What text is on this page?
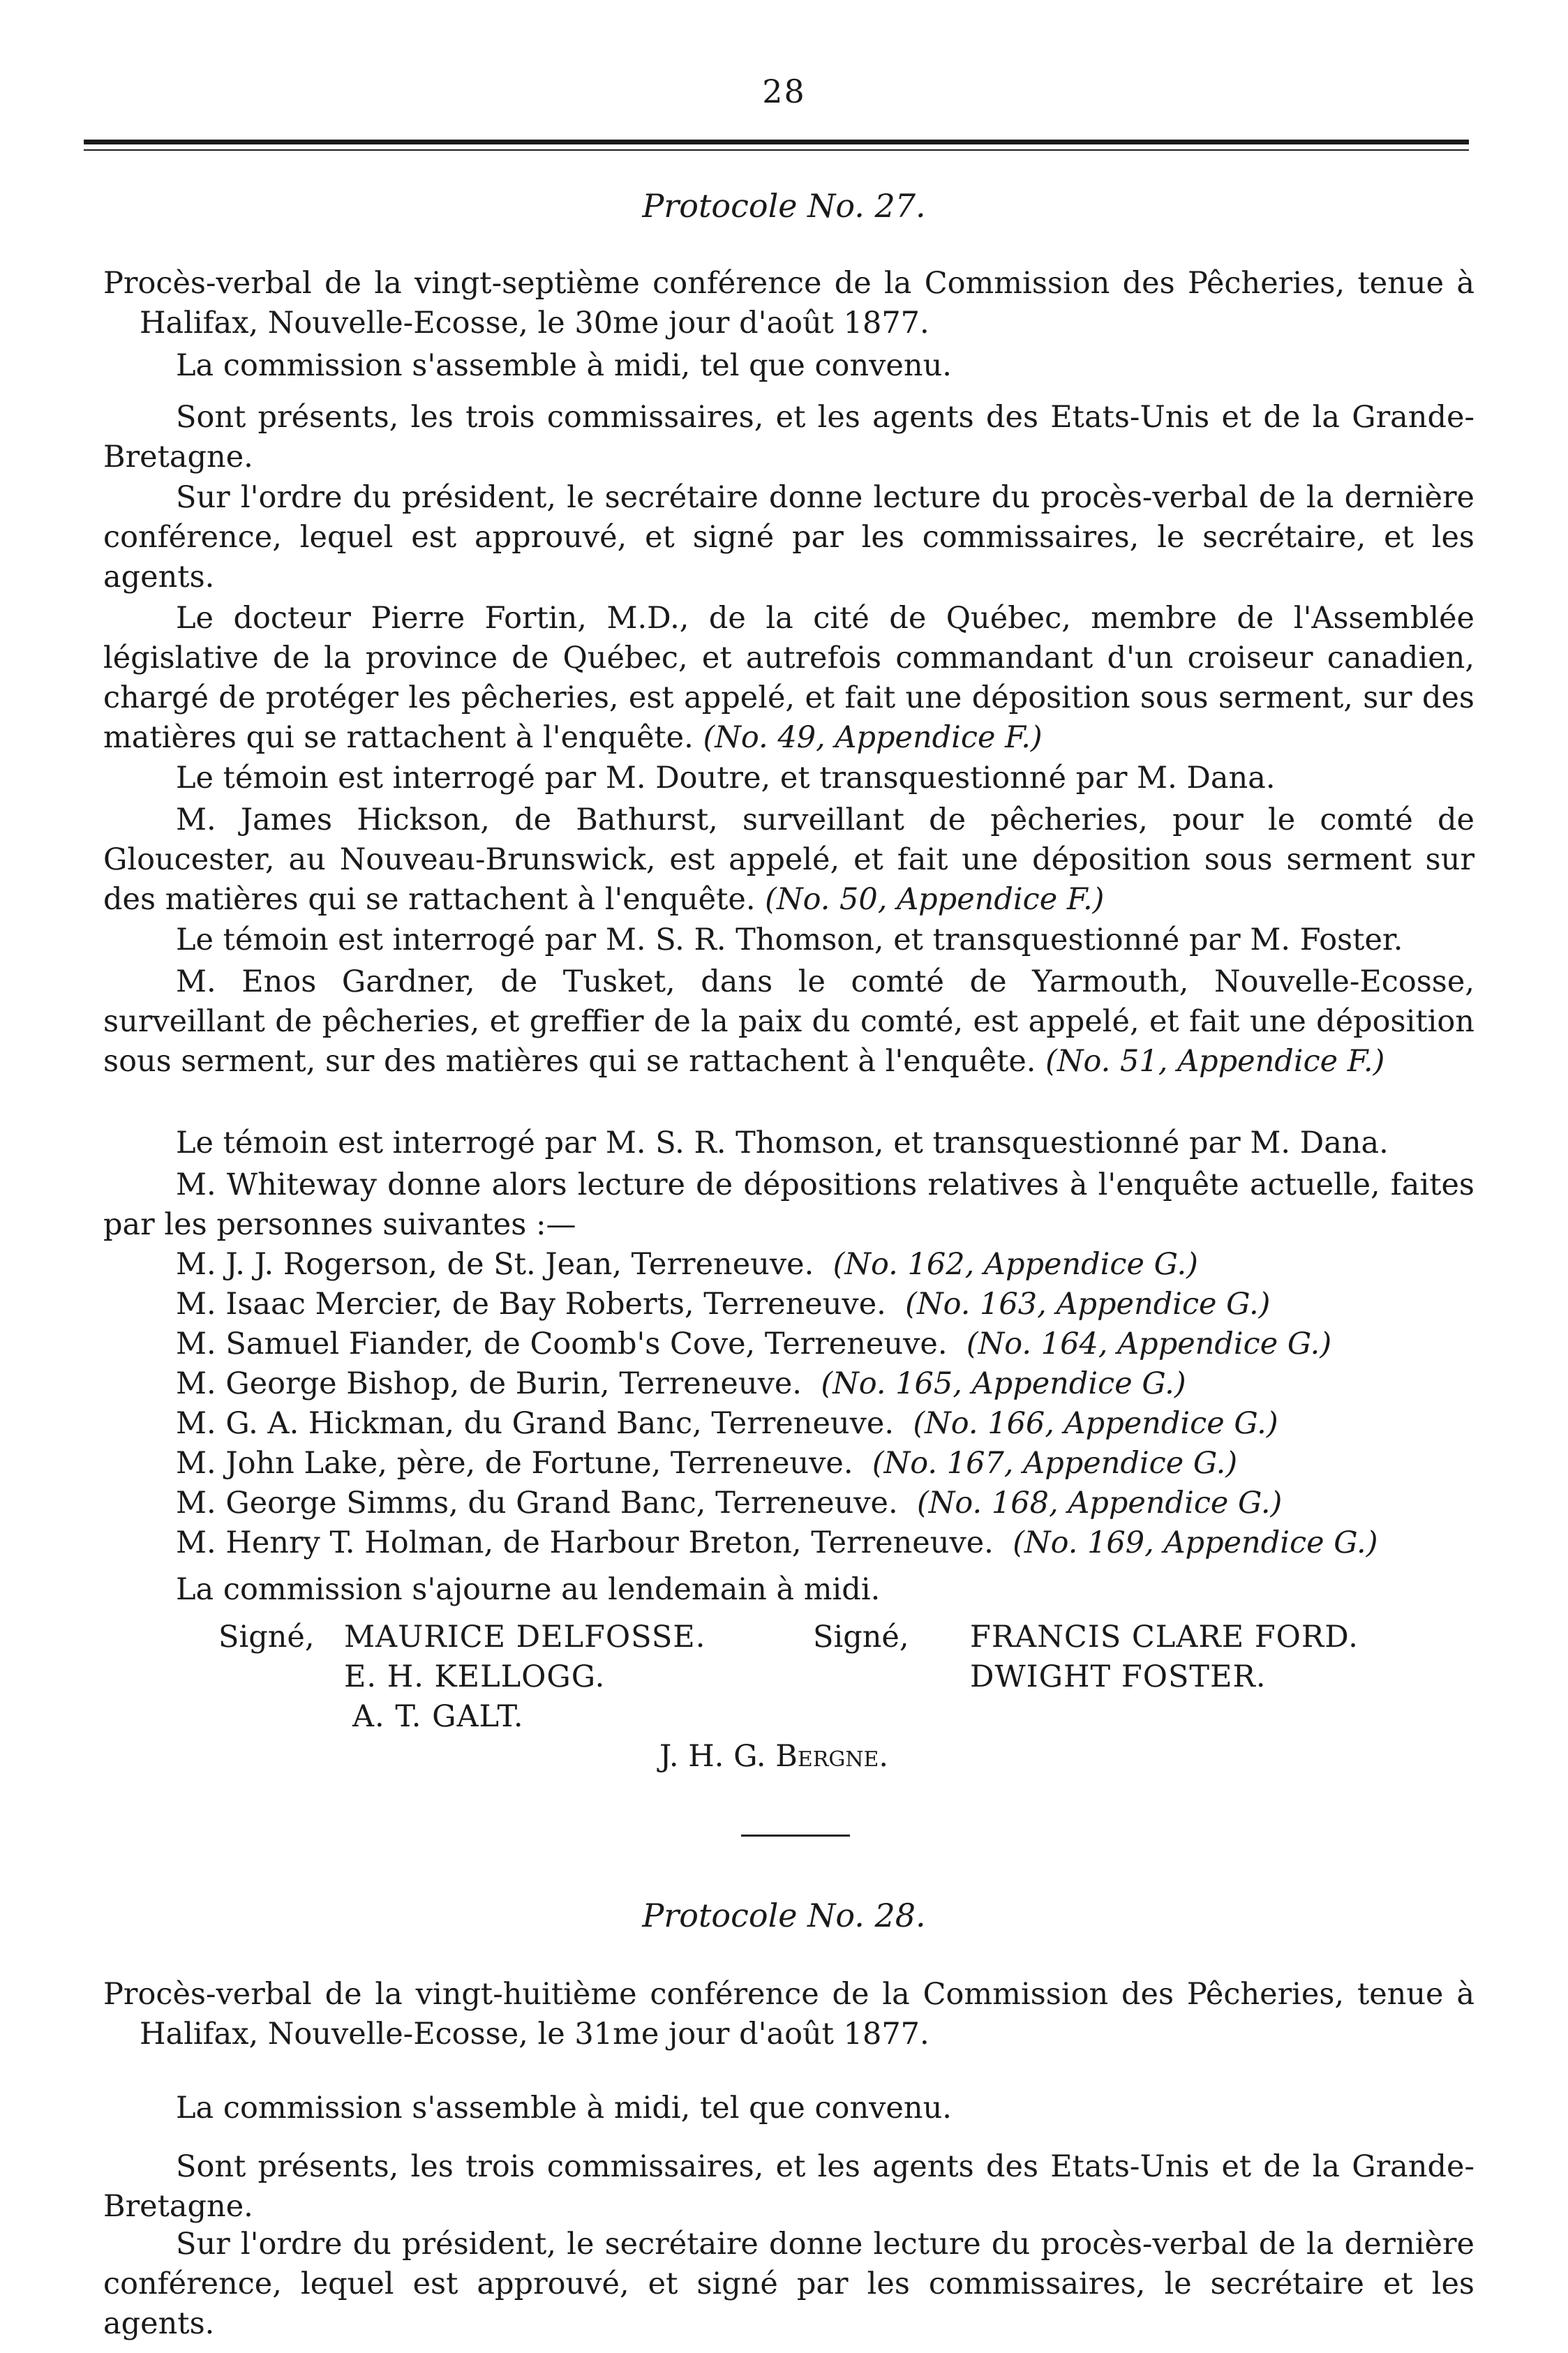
28
Protocole No. 27.
Procès-verbal de la vingt-septième conférence de la Commission des Pêcheries, tenue à Halifax, Nouvelle-Ecosse, le 30me jour d'août 1877.
La commission s'assemble à midi, tel que convenu.
Sont présents, les trois commissaires, et les agents des Etats-Unis et de la Grande-Bretagne.
Sur l'ordre du président, le secrétaire donne lecture du procès-verbal de la dernière conférence, lequel est approuvé, et signé par les commissaires, le secrétaire, et les agents.
Le docteur Pierre Fortin, M.D., de la cité de Québec, membre de l'Assemblée législative de la province de Québec, et autrefois commandant d'un croiseur canadien, chargé de protéger les pêcheries, est appelé, et fait une déposition sous serment, sur des matières qui se rattachent à l'enquête. (No. 49, Appendice F.)
Le témoin est interrogé par M. Doutre, et transquestionné par M. Dana.
M. James Hickson, de Bathurst, surveillant de pêcheries, pour le comté de Gloucester, au Nouveau-Brunswick, est appelé, et fait une déposition sous serment sur des matières qui se rattachent à l'enquête. (No. 50, Appendice F.)
Le témoin est interrogé par M. S. R. Thomson, et transquestionné par M. Foster.
M. Enos Gardner, de Tusket, dans le comté de Yarmouth, Nouvelle-Ecosse, surveillant de pêcheries, et greffier de la paix du comté, est appelé, et fait une déposition sous serment, sur des matières qui se rattachent à l'enquête. (No. 51, Appendice F.)
Le témoin est interrogé par M. S. R. Thomson, et transquestionné par M. Dana.
M. Whiteway donne alors lecture de dépositions relatives à l'enquête actuelle, faites par les personnes suivantes :—
M. J. J. Rogerson, de St. Jean, Terreneuve. (No. 162, Appendice G.)
M. Isaac Mercier, de Bay Roberts, Terreneuve. (No. 163, Appendice G.)
M. Samuel Fiander, de Coomb's Cove, Terreneuve. (No. 164, Appendice G.)
M. George Bishop, de Burin, Terreneuve. (No. 165, Appendice G.)
M. G. A. Hickman, du Grand Banc, Terreneuve. (No. 166, Appendice G.)
M. John Lake, père, de Fortune, Terreneuve. (No. 167, Appendice G.)
M. George Simms, du Grand Banc, Terreneuve. (No. 168, Appendice G.)
M. Henry T. Holman, de Harbour Breton, Terreneuve. (No. 169, Appendice G.)
La commission s'ajourne au lendemain à midi.
Signé, MAURICE DELFOSSE.
E. H. KELLOGG.
A. T. GALT.
Signé, FRANCIS CLARE FORD.
DWIGHT FOSTER.
J. H. G. Bergne.
Protocole No. 28.
Procès-verbal de la vingt-huitième conférence de la Commission des Pêcheries, tenue à Halifax, Nouvelle-Ecosse, le 31me jour d'août 1877.
La commission s'assemble à midi, tel que convenu.
Sont présents, les trois commissaires, et les agents des Etats-Unis et de la Grande-Bretagne.
Sur l'ordre du président, le secrétaire donne lecture du procès-verbal de la dernière conférence, lequel est approuvé, et signé par les commissaires, le secrétaire et les agents.
